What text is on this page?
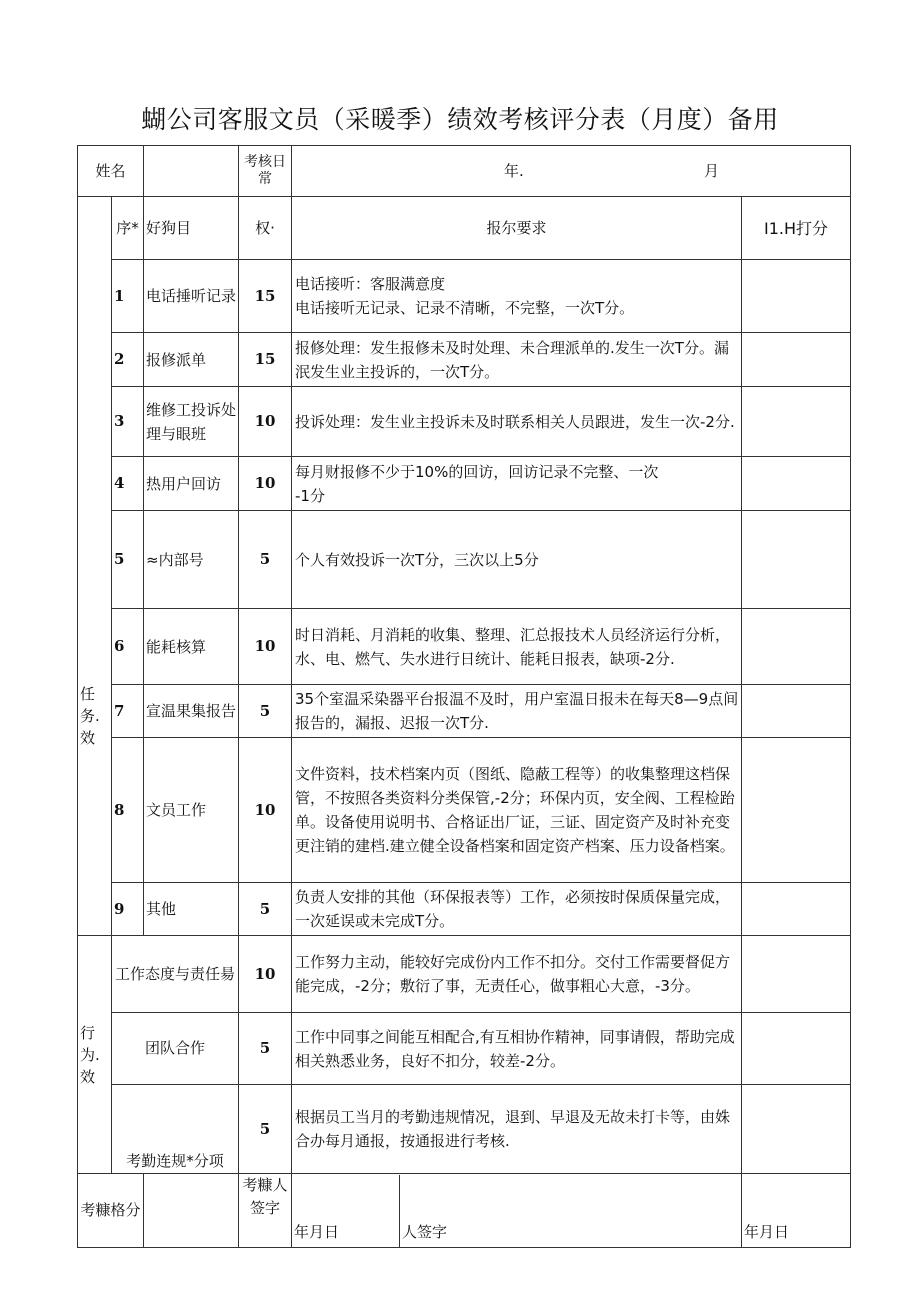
蝴公司客服文员（采暖季）绩效考核评分表（月度）备用
姓名			考核日常	年. 月	

任务.效	序*	好狗目	权·	报尔要求	I1.H打分
	1	电话捶听记录	15	电话接听：客服满意度
电话接听无记录、记录不清晰，不完整，一次T分。	

	2	报修派单	15	报修处理：发生报修未及时处理、未合理派单的.发生一次T分。漏泯发生业主投诉的，一次T分。	

	3	维修工投诉处理与眼班	10	投诉处理：发生业主投诉未及时联系相关人员跟进，发生一次-2分.	

	4	热用户回访	10	每月财报修不少于10%的回访，回访记录不完整、一次
-1分	

	5	≈内部号	5	个人有效投诉一次T分，三次以上5分	

	6	能耗核算	10	时日消耗、月消耗的收集、整理、汇总报技术人员经济运行分析，水、电、燃气、失水进行日统计、能耗日报表，缺项-2分.	

	7	宣温果集报告	5	35个室温采染器平台报温不及时，用户室温日报未在每天8—9点间报告的，漏报、迟报一次T分.	

	8	文员工作	10	文件资料，技术档案内页（图纸、隐蔽工程等）的收集整理这档保管，不按照各类资料分类保管,-2分；环保内页，安全阀、工程检跆单。设备使用说明书、合格证出厂证，三证、固定资产及时补充变更注销的建档.建立健全设备档案和固定资产档案、压力设备档案。	

	9	其他	5	负责人安排的其他（环保报表等）工作，必须按时保质保量完成，一次延误或未完成T分。	

行为.效	工作态度与责任昜		10	工作努力主动，能较好完成份内工作不扣分。交付工作需要督促方能完成，-2分；敷衍了事，无责任心，做事粗心大意，-3分。	

	团队合作		5	工作中同事之间能互相配合,有互相协作精神，同事请假，帮助完成相关熟悉业务，良好不扣分，较差-2分。	

	考勤连规*分项		5	根据员工当月的考勤违规情况，退到、早退及无故未打卡等，由姝合办每月通报，按通报进行考核.	

考糠格分			考糠人签字	年月日 人签字	年月日
